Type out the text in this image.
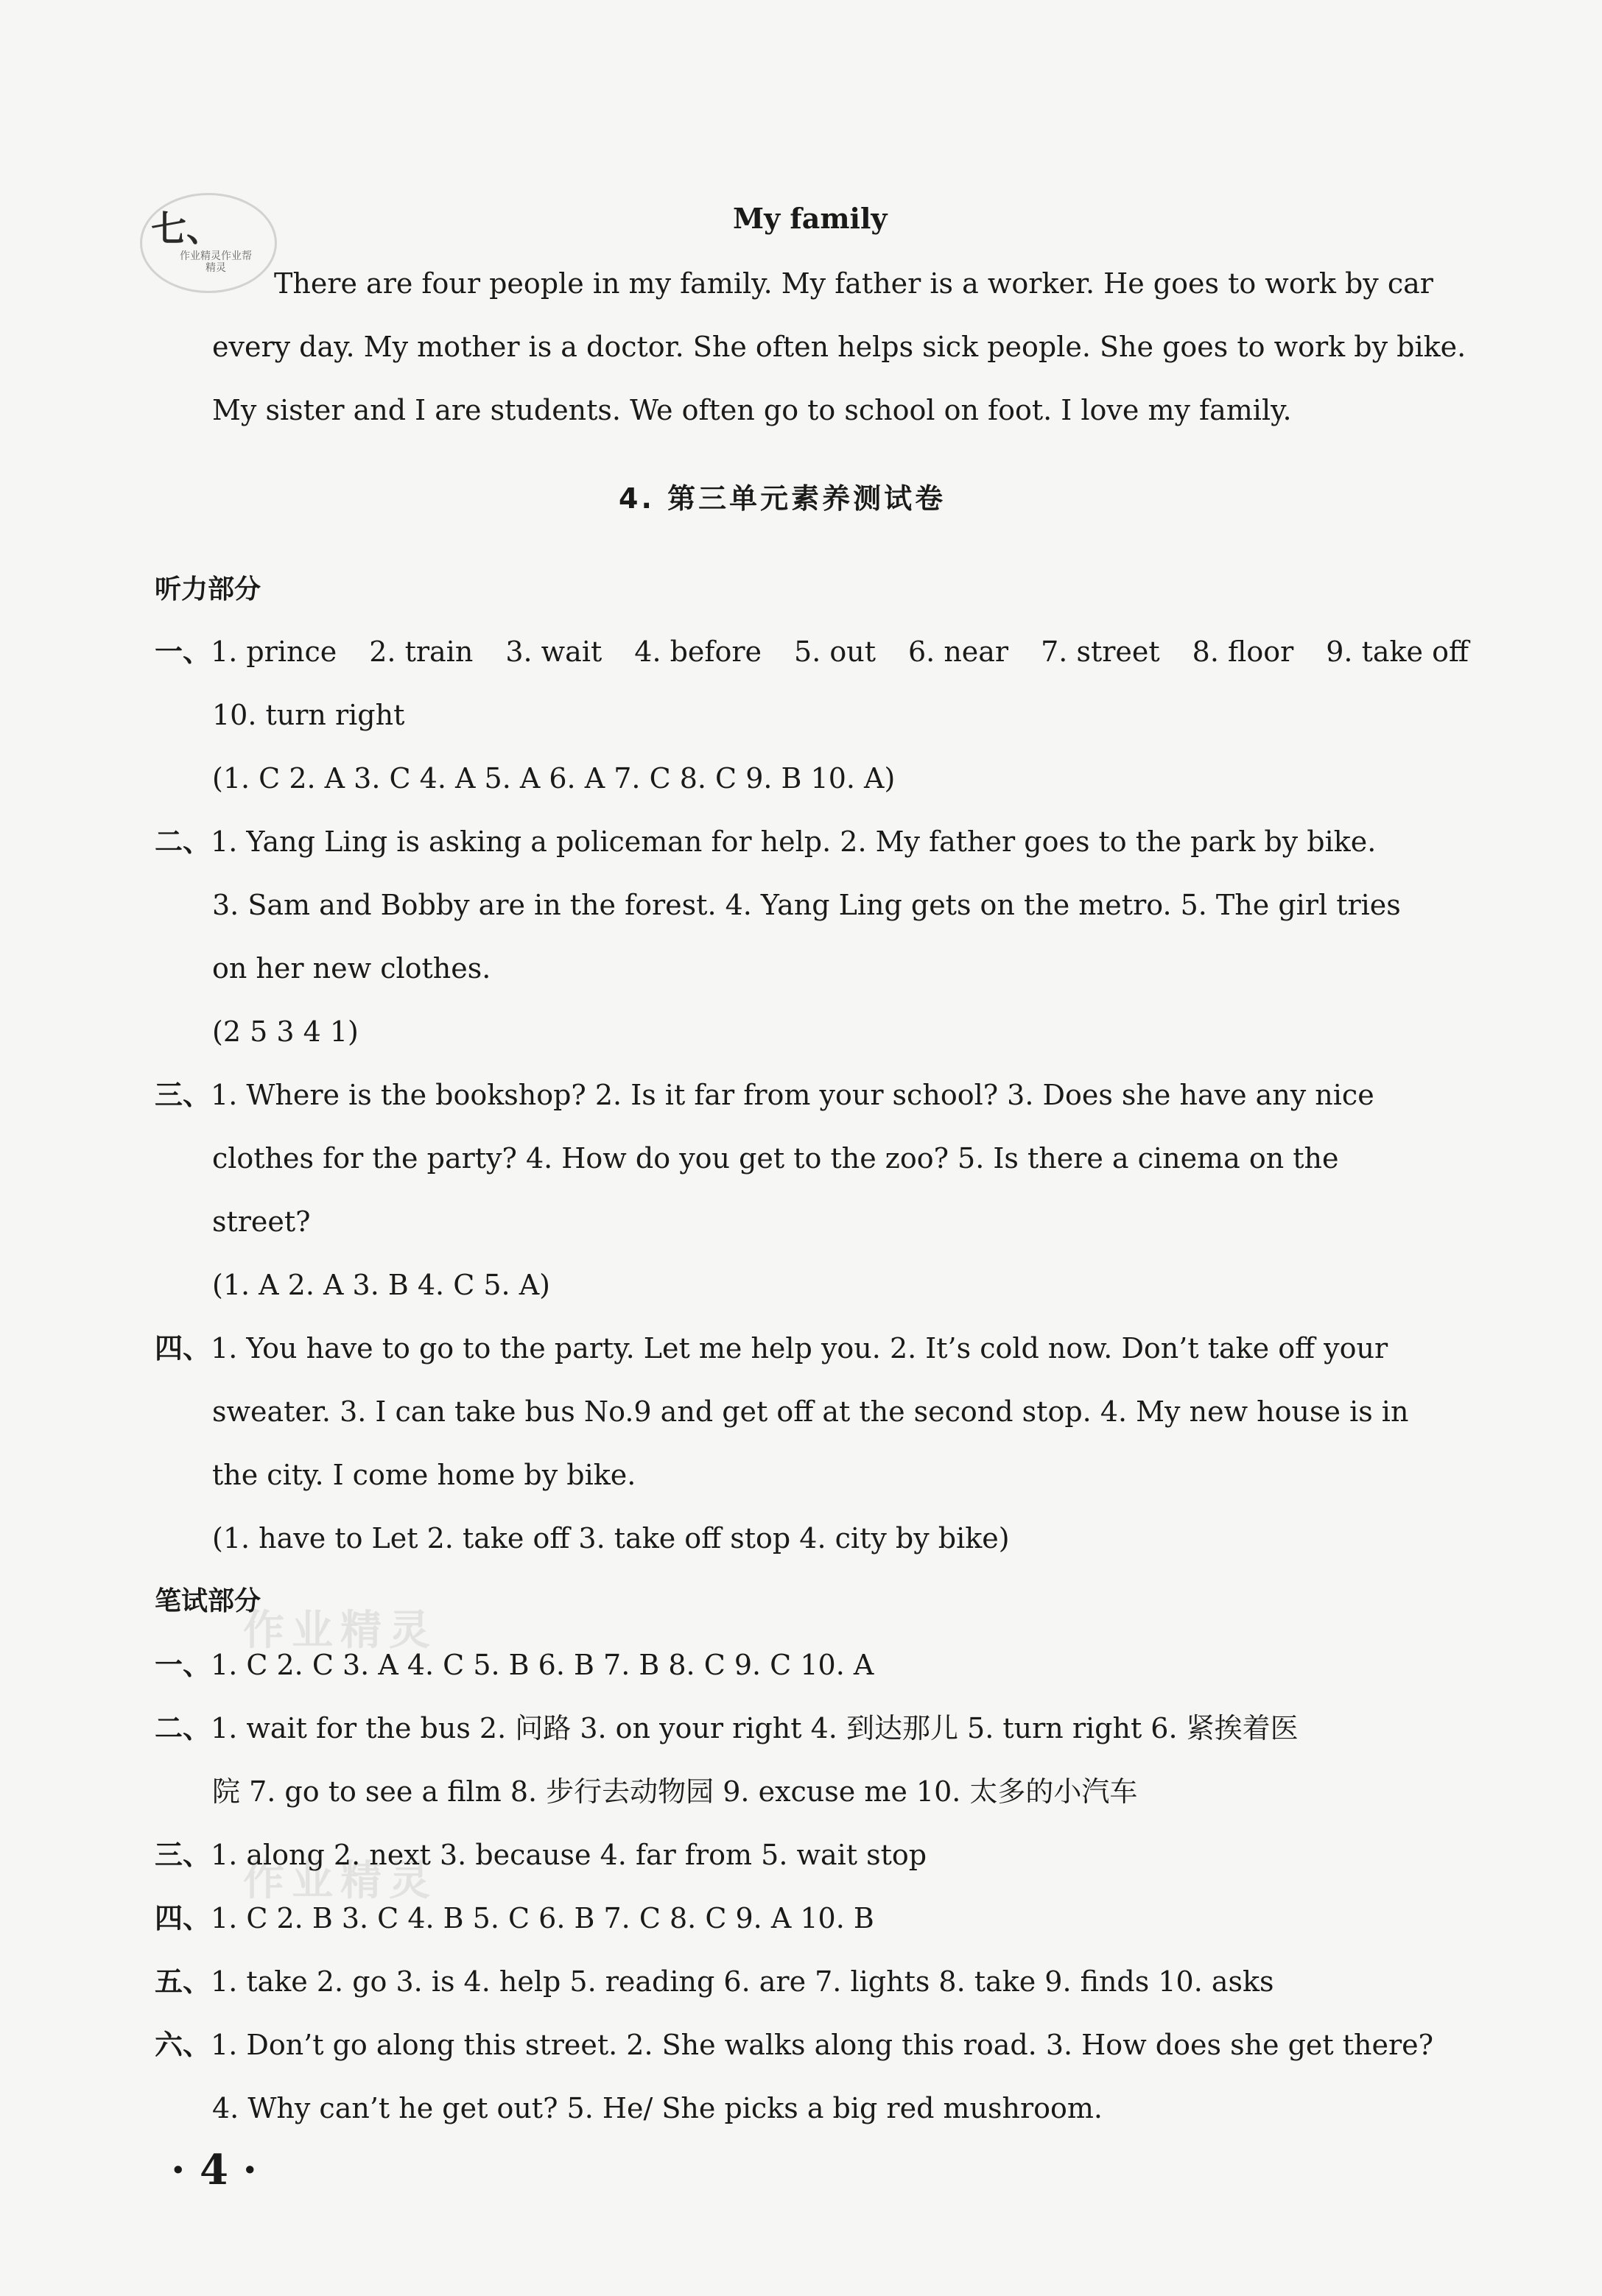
七、
作业精灵作业帮 精灵
My family
There are four people in my family. My father is a worker. He goes to work by car
every day. My mother is a doctor. She often helps sick people. She goes to work by bike.
My sister and I are students. We often go to school on foot. I love my family.
4. 第三单元素养测试卷
听力部分
一、1. prince 2. train 3. wait 4. before 5. out 6. near 7. street 8. floor 9. take off
10. turn right
(1. C 2. A 3. C 4. A 5. A 6. A 7. C 8. C 9. B 10. A)
二、1. Yang Ling is asking a policeman for help. 2. My father goes to the park by bike.
3. Sam and Bobby are in the forest. 4. Yang Ling gets on the metro. 5. The girl tries
on her new clothes.
(2 5 3 4 1)
三、1. Where is the bookshop? 2. Is it far from your school? 3. Does she have any nice
clothes for the party? 4. How do you get to the zoo? 5. Is there a cinema on the
street?
(1. A 2. A 3. B 4. C 5. A)
四、1. You have to go to the party. Let me help you. 2. It’s cold now. Don’t take off your
sweater. 3. I can take bus No.9 and get off at the second stop. 4. My new house is in
the city. I come home by bike.
(1. have to Let 2. take off 3. take off stop 4. city by bike)
笔试部分
一、1. C 2. C 3. A 4. C 5. B 6. B 7. B 8. C 9. C 10. A
二、1. wait for the bus 2. 问路 3. on your right 4. 到达那儿 5. turn right 6. 紧挨着医
院 7. go to see a film 8. 步行去动物园 9. excuse me 10. 太多的小汽车
三、1. along 2. next 3. because 4. far from 5. wait stop
四、1. C 2. B 3. C 4. B 5. C 6. B 7. C 8. C 9. A 10. B
五、1. take 2. go 3. is 4. help 5. reading 6. are 7. lights 8. take 9. finds 10. asks
六、1. Don’t go along this street. 2. She walks along this road. 3. How does she get there?
4. Why can’t he get out? 5. He/ She picks a big red mushroom.
作业精灵
作业精灵
· 4 ·
